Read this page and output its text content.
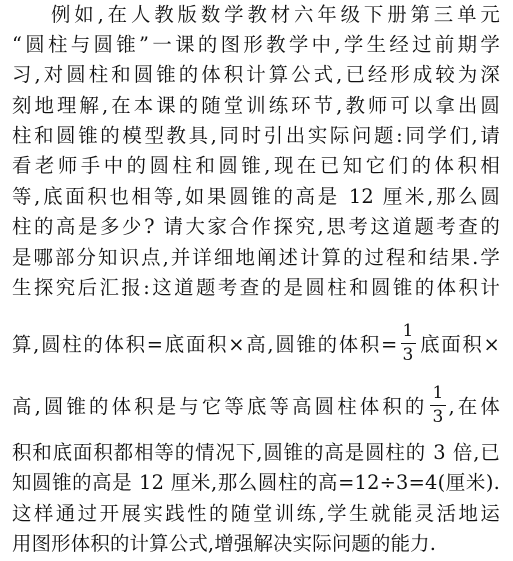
例如,在人教版数学教材六年级下册第三单元
“圆柱与圆锥”一课的图形教学中,学生经过前期学
习,对圆柱和圆锥的体积计算公式,已经形成较为深
刻地理解,在本课的随堂训练环节,教师可以拿出圆
柱和圆锥的模型教具,同时引出实际问题:同学们,请
看老师手中的圆柱和圆锥,现在已知它们的体积相
等,底面积也相等,如果圆锥的高是 12 厘米,那么圆
柱的高是多少? 请大家合作探究,思考这道题考查的
是哪部分知识点,并详细地阐述计算的过程和结果.学
生探究后汇报:这道题考查的是圆柱和圆锥的体积计
算,圆柱的体积=底面积×高,圆锥的体积= $\frac{1}{3}$ 底面积×
高,圆锥的体积是与它等底等高圆柱体积的 $\frac{1}{3}$ ,在体
积和底面积都相等的情况下,圆锥的高是圆柱的 3 倍,已
知圆锥的高是 12 厘米,那么圆柱的高=12÷3=4(厘米).
这样通过开展实践性的随堂训练,学生就能灵活地运
用图形体积的计算公式,增强解决实际问题的能力.
